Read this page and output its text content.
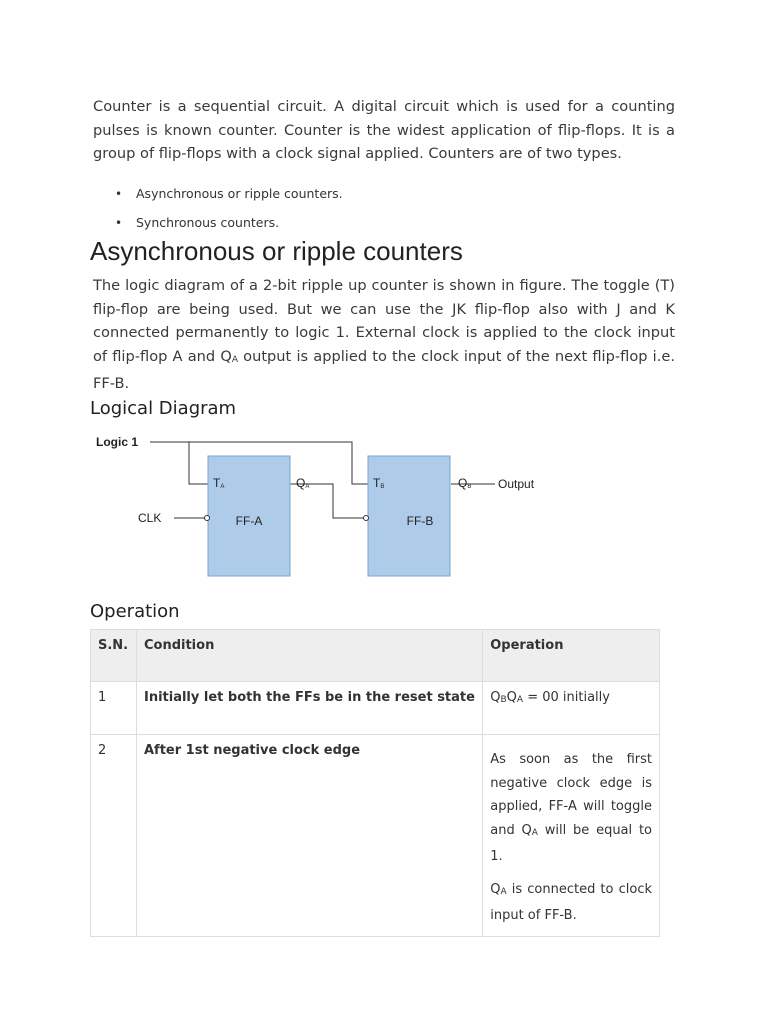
Counter is a sequential circuit. A digital circuit which is used for a counting pulses is known counter. Counter is the widest application of flip-flops. It is a group of flip-flops with a clock signal applied. Counters are of two types.

• Asynchronous or ripple counters.
• Synchronous counters.
Asynchronous or ripple counters

The logic diagram of a 2-bit ripple up counter is shown in figure. The toggle (T) flip-flop are being used. But we can use the JK flip-flop also with J and K connected permanently to logic 1. External clock is applied to the clock input of flip-flop A and $Q_A$ output is applied to the clock input of the next flip-flop i.e. FF-B.

Logical Diagram
Logic 1
CLK
Output
TA	QA
FF-A
TB	QB
FF-B
Operation
S.N.	Condition	Operation
1	Initially let both the FFs be in the reset state	$Q_BQ_A = 00$ initially
2	After 1st negative clock edge	As soon as the first negative clock edge is applied, FF-A will toggle and $Q_A$ will be equal to 1.

$Q_A$ is connected to clock input of FF-B.
